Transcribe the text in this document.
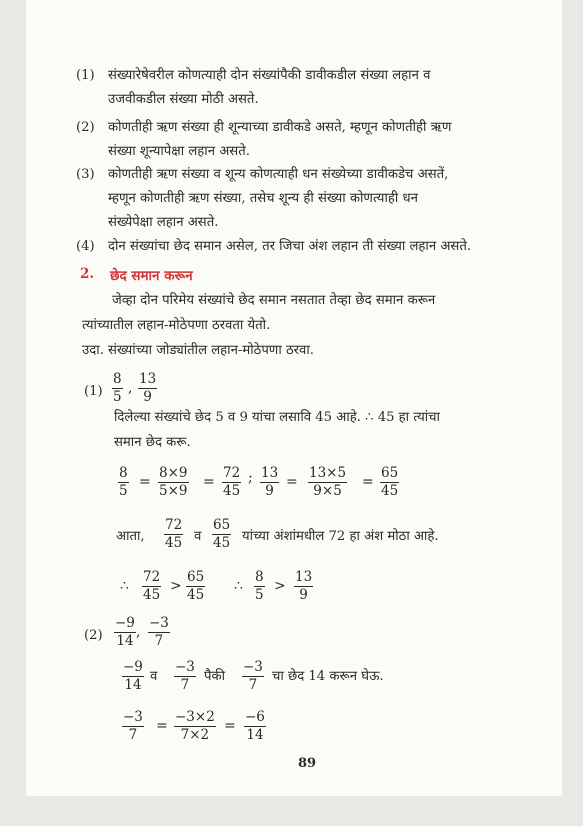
(1) संख्यारेषेवरील कोणत्याही दोन संख्यांपैकी डावीकडील संख्या लहान व
उजवीकडील संख्या मोठी असते.
(2) कोणतीही ऋण संख्या ही शून्याच्या डावीकडे असते, म्हणून कोणतीही ऋण
संख्या शून्यापेक्षा लहान असते.
(3) कोणतीही ऋण संख्या व शून्य कोणत्याही धन संख्येच्या डावीकडेच असतें,
म्हणून कोणतीही ऋण संख्या, तसेच शून्य ही संख्या कोणत्याही धन
संख्येपेक्षा लहान असते.
(4) दोन संख्यांचा छेद समान असेल, तर जिचा अंश लहान ती संख्या लहान असते.
2. छेद समान करून
जेव्हा दोन परिमेय संख्यांचे छेद समान नसतात तेव्हा छेद समान करून
त्यांच्यातील लहान-मोठेपणा ठरवता येतो.
उदा. संख्यांच्या जोड्यांतील लहान-मोठेपणा ठरवा.
$(1) \frac{8}{5}$ , $\frac{13}{9}$
दिलेल्या संख्यांचे छेद 5 व 9 यांचा लसावि 45 आहे. ∴ 45 हा त्यांचा
समान छेद करू.
$\frac{8}{5} = \frac{8\times 9}{5\times 9} = \frac{72}{45}$ ; $\frac{13}{9} = \frac{13\times 5}{9\times 5} = \frac{65}{45}$
आता, $\frac{72}{45}$ व $\frac{65}{45}$ यांच्या अंशांमधील 72 हा अंश मोठा आहे.
∴ $\frac{72}{45} > \frac{65}{45}$ ∴ $\frac{8}{5} > \frac{13}{9}$
$(2) \frac{-9}{14}$ , $\frac{-3}{7}$
$\frac{-9}{14}$ व $\frac{-3}{7}$ पैकी $\frac{-3}{7}$ चा छेद 14 करून घेऊ.
$\frac{-3}{7} = \frac{-3\times 2}{7\times 2} = \frac{-6}{14}$
89
